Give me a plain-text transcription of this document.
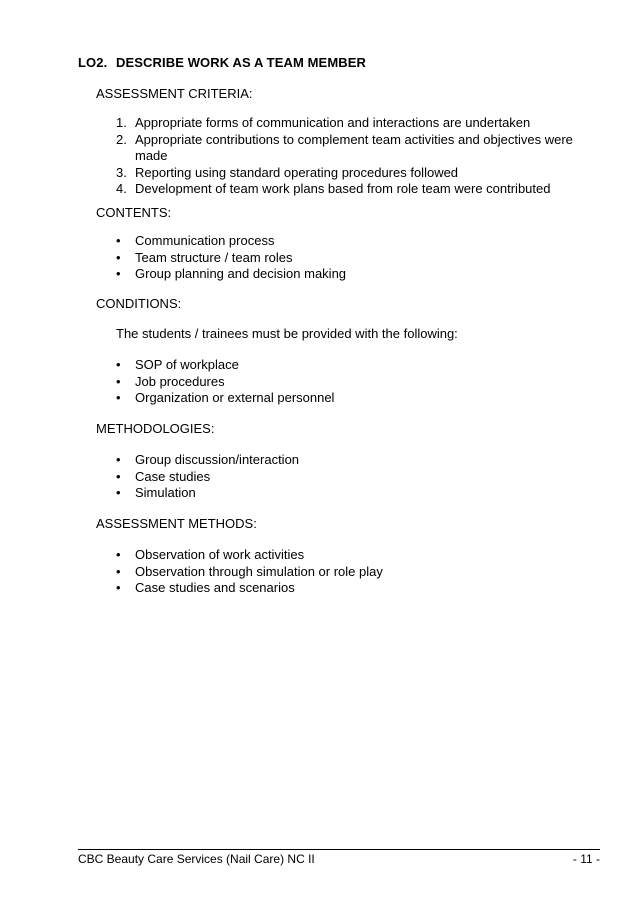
LO2. DESCRIBE WORK AS A TEAM MEMBER
ASSESSMENT CRITERIA:
1. Appropriate forms of communication and interactions are undertaken
2. Appropriate contributions to complement team activities and objectives were made
3. Reporting using standard operating procedures followed
4. Development of team work plans based from role team were contributed
CONTENTS:
•	Communication process
•	Team structure / team roles
•	Group planning and decision making
CONDITIONS:
The students / trainees must be provided with the following:
•	SOP of workplace
•	Job procedures
•	Organization or external personnel
METHODOLOGIES:
•	Group discussion/interaction
•	Case studies
•	Simulation
ASSESSMENT METHODS:
•	Observation of work activities
•	Observation through simulation or role play
•	Case studies and scenarios
CBC Beauty Care Services (Nail Care) NC II	- 11 -
